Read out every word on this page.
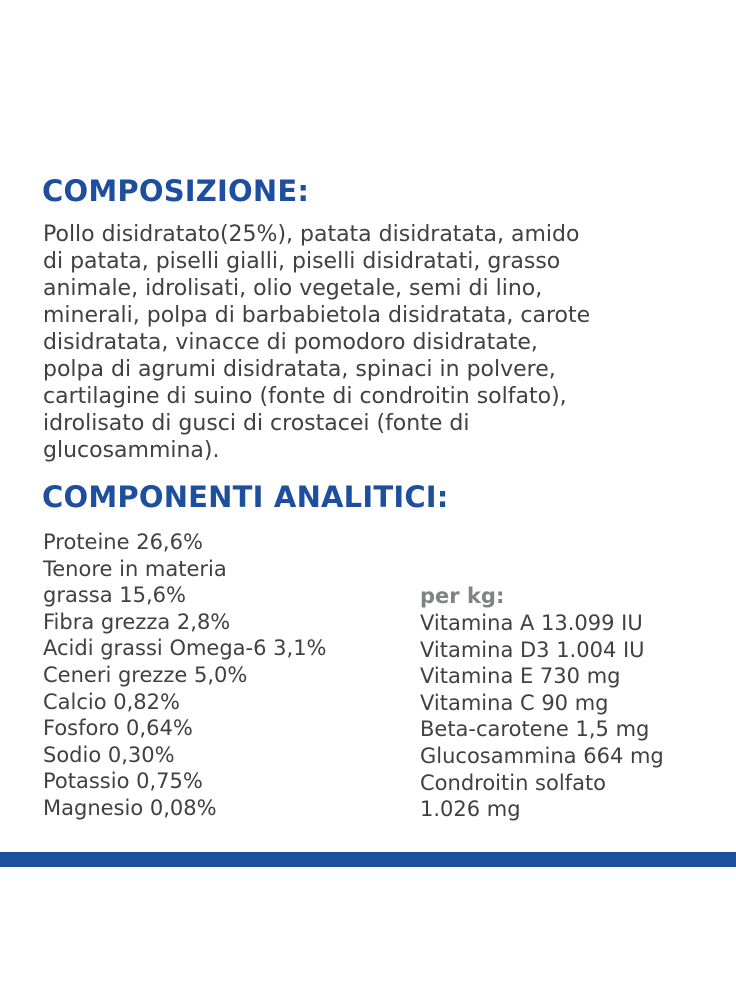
COMPOSIZIONE:

Pollo disidratato(25%), patata disidratata, amido
di patata, piselli gialli, piselli disidratati, grasso
animale, idrolisati, olio vegetale, semi di lino,
minerali, polpa di barbabietola disidratata, carote
disidratata, vinacce di pomodoro disidratate,
polpa di agrumi disidratata, spinaci in polvere,
cartilagine di suino (fonte di condroitin solfato),
idrolisato di gusci di crostacei (fonte di
glucosammina).

COMPONENTI ANALITICI:
Proteine 26,6%
Tenore in materia
grassa 15,6%
Fibra grezza 2,8%
Acidi grassi Omega-6 3,1%
Ceneri grezze 5,0%
Calcio 0,82%
Fosforo 0,64%
Sodio 0,30%
Potassio 0,75%
Magnesio 0,08%
per kg:
Vitamina A 13.099 IU
Vitamina D3 1.004 IU
Vitamina E 730 mg
Vitamina C 90 mg
Beta-carotene 1,5 mg
Glucosammina 664 mg
Condroitin solfato
1.026 mg
